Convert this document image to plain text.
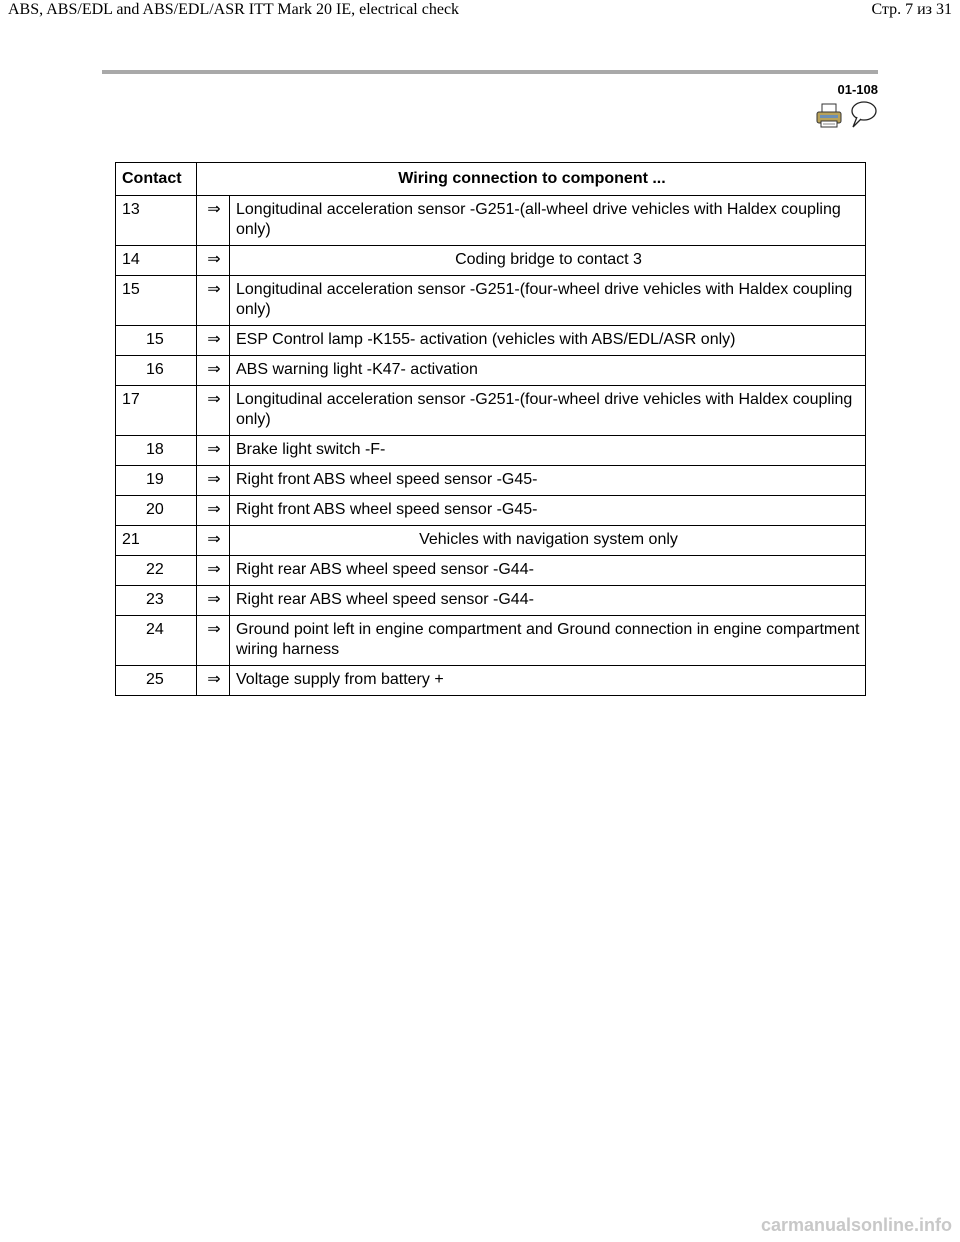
ABS, ABS/EDL and ABS/EDL/ASR ITT Mark 20 IE, electrical check	Стр. 7 из 31
01-108
Contact	Wiring connection to component ...	
13	⇒	Longitudinal acceleration sensor -G251-(all-wheel drive vehicles with Haldex coupling only)
14	⇒	Coding bridge to contact 3
15	⇒	Longitudinal acceleration sensor -G251-(four-wheel drive vehicles with Haldex coupling only)
15	⇒	ESP Control lamp -K155- activation (vehicles with ABS/EDL/ASR only)
16	⇒	ABS warning light -K47- activation
17	⇒	Longitudinal acceleration sensor -G251-(four-wheel drive vehicles with Haldex coupling only)
18	⇒	Brake light switch -F-
19	⇒	Right front ABS wheel speed sensor -G45-
20	⇒	Right front ABS wheel speed sensor -G45-
21	⇒	Vehicles with navigation system only
22	⇒	Right rear ABS wheel speed sensor -G44-
23	⇒	Right rear ABS wheel speed sensor -G44-
24	⇒	Ground point left in engine compartment and Ground connection in engine compartment wiring harness
25	⇒	Voltage supply from battery +
carmanualsonline.info
